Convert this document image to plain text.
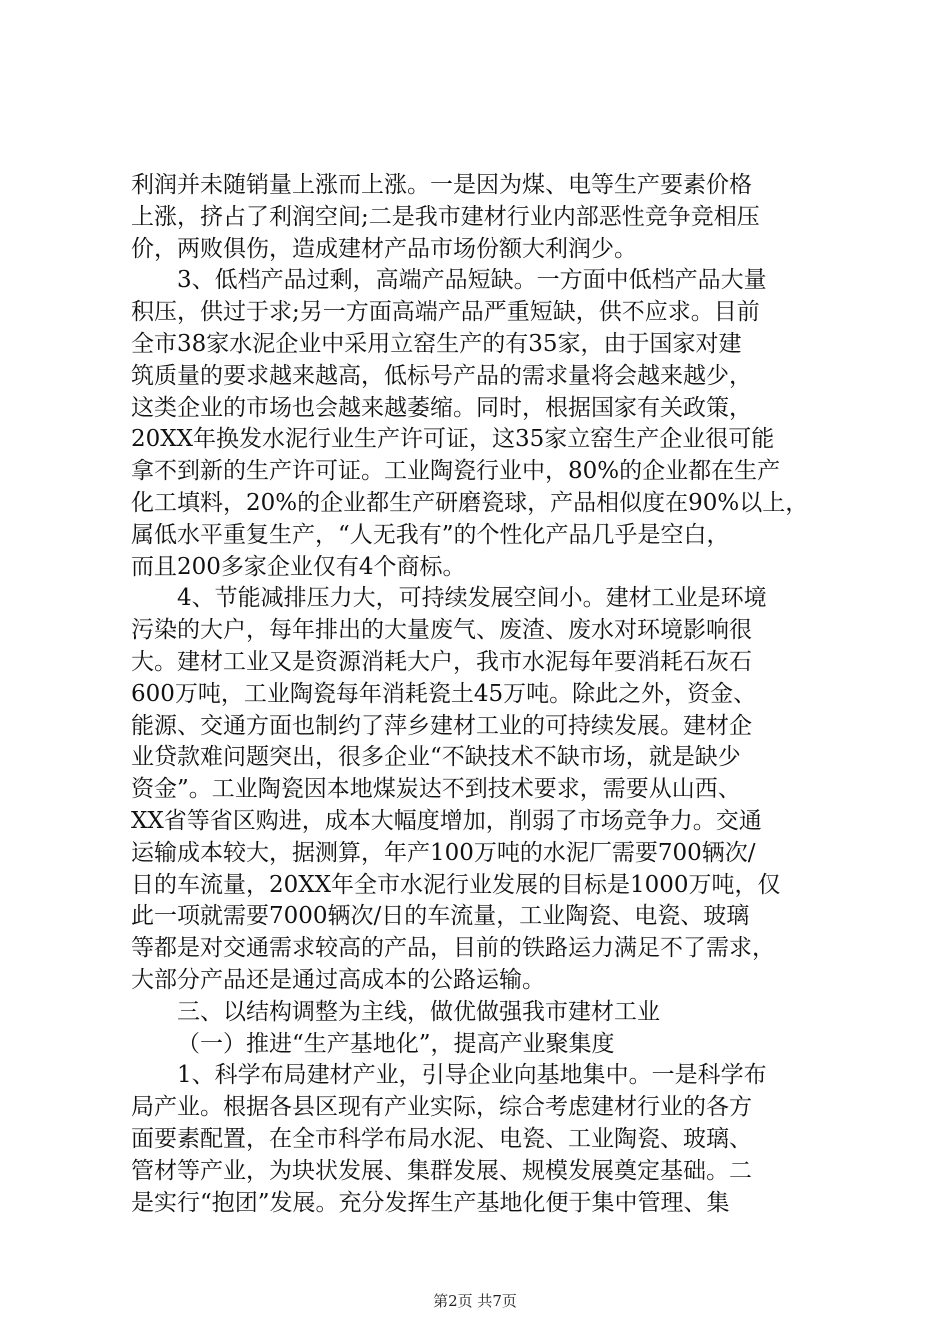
利润并未随销量上涨而上涨。一是因为煤、电等生产要素价格
上涨，挤占了利润空间;二是我市建材行业内部恶性竞争竞相压
价，两败俱伤，造成建材产品市场份额大利润少。
3、低档产品过剩，高端产品短缺。一方面中低档产品大量
积压，供过于求;另一方面高端产品严重短缺，供不应求。目前
全市38家水泥企业中采用立窑生产的有35家，由于国家对建
筑质量的要求越来越高，低标号产品的需求量将会越来越少，
这类企业的市场也会越来越萎缩。同时，根据国家有关政策，
20XX年换发水泥行业生产许可证，这35家立窑生产企业很可能
拿不到新的生产许可证。工业陶瓷行业中，80%的企业都在生产
化工填料，20%的企业都生产研磨瓷球，产品相似度在90%以上，
属低水平重复生产，“人无我有”的个性化产品几乎是空白，
而且200多家企业仅有4个商标。
4、节能减排压力大，可持续发展空间小。建材工业是环境
污染的大户，每年排出的大量废气、废渣、废水对环境影响很
大。建材工业又是资源消耗大户，我市水泥每年要消耗石灰石
600万吨，工业陶瓷每年消耗瓷土45万吨。除此之外，资金、
能源、交通方面也制约了萍乡建材工业的可持续发展。建材企
业贷款难问题突出，很多企业“不缺技术不缺市场，就是缺少
资金”。工业陶瓷因本地煤炭达不到技术要求，需要从山西、
XX省等省区购进，成本大幅度增加，削弱了市场竞争力。交通
运输成本较大，据测算，年产100万吨的水泥厂需要700辆次/
日的车流量，20XX年全市水泥行业发展的目标是1000万吨，仅
此一项就需要7000辆次/日的车流量，工业陶瓷、电瓷、玻璃
等都是对交通需求较高的产品，目前的铁路运力满足不了需求，
大部分产品还是通过高成本的公路运输。
三、以结构调整为主线，做优做强我市建材工业
（一）推进“生产基地化”，提高产业聚集度
1、科学布局建材产业，引导企业向基地集中。一是科学布
局产业。根据各县区现有产业实际，综合考虑建材行业的各方
面要素配置，在全市科学布局水泥、电瓷、工业陶瓷、玻璃、
管材等产业，为块状发展、集群发展、规模发展奠定基础。二
是实行“抱团”发展。充分发挥生产基地化便于集中管理、集
第2页 共7页
